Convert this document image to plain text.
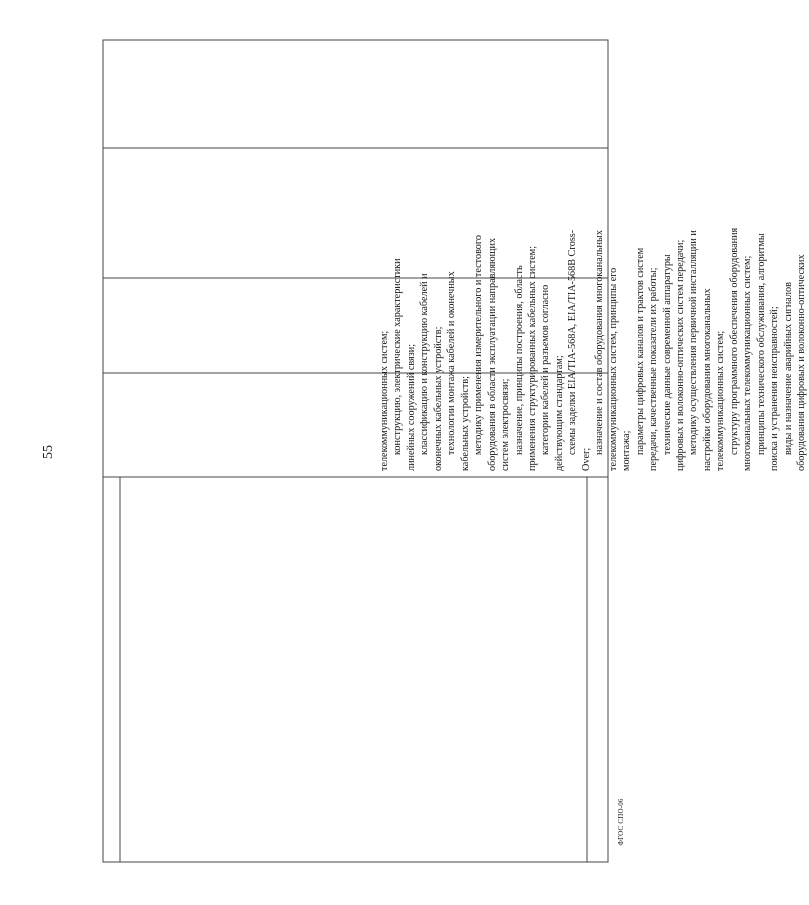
55	телекоммуникационных систем; конструкцию, электрические характеристики линейных сооружений связи; классификацию и конструкцию кабелей и оконечных кабельных устройств; технологии монтажа кабелей и оконечных кабельных устройств; методику применения измерительного и тестового оборудования в области эксплуатации направляющих систем электросвязи; назначение, принципы построения, область применения структурированных кабельных систем; категории кабелей и разъемов согласно действующим стандартам; схемы заделки EIA/TIA-568A, EIA/TIA-568B Cross-

Over;

назначение и состав оборудования многоканальных телекоммуникационных систем, принципы его монтажа; параметры цифровых каналов и трактов систем передачи, качественные показатели их работы; технические данные современной аппаратуры цифровых и волоконно-оптических систем передачи; методику осуществления первичной инсталляции и настройки оборудования многоканальных телекоммуникационных систем; структуру программного обеспечения оборудования многоканальных телекоммуникационных систем; принципы технического обслуживания, алгоритмы поиска и устранения неисправностей; виды и назначение аварийных сигналов оборудования цифровых и волоконно-оптических

ФГОС СПО-06
